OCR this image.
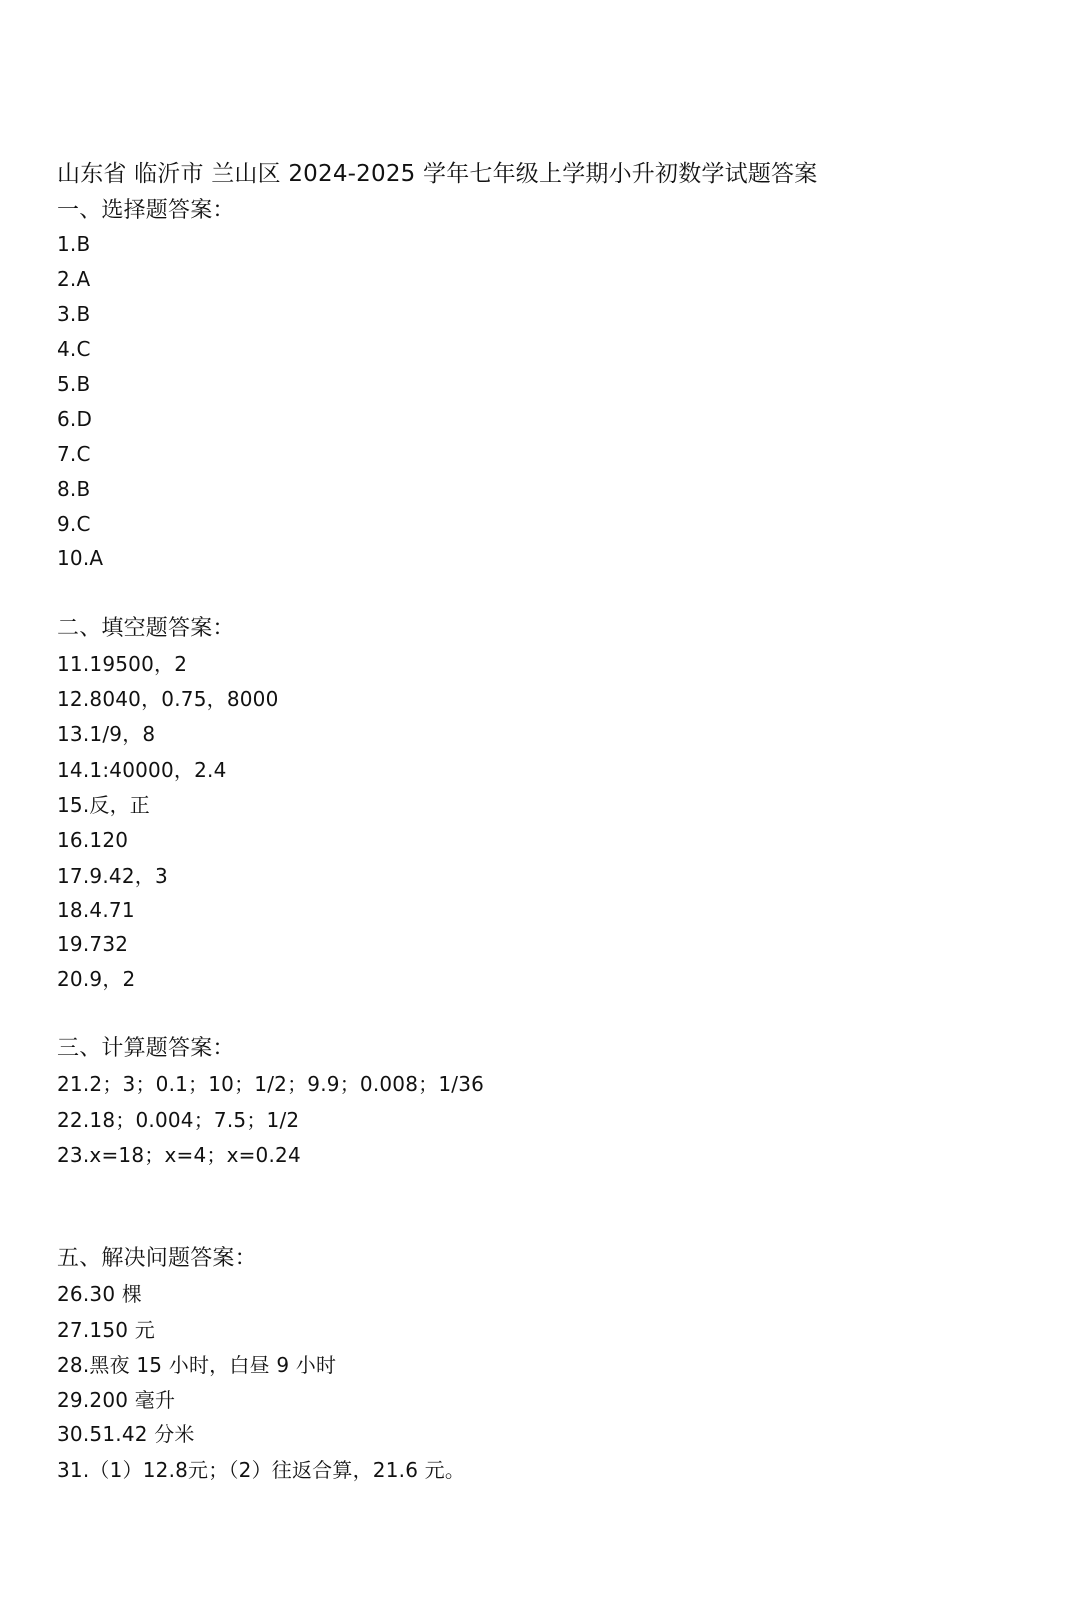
山东省 临沂市 兰山区 2024-2025 学年七年级上学期小升初数学试题答案
一、选择题答案：
1.B
2.A
3.B
4.C
5.B
6.D
7.C
8.B
9.C
10.A
二、填空题答案：
11.19500，2
12.8040，0.75，8000
13.1/9，8
14.1:40000，2.4
15.反，正
16.120
17.9.42，3
18.4.71
19.732
20.9，2
三、计算题答案：
21.2；3；0.1；10；1/2；9.9；0.008；1/36
22.18；0.004；7.5；1/2
23.x=18；x=4；x=0.24
五、解决问题答案：
26.30 棵
27.150 元
28.黑夜 15 小时，白昼 9 小时
29.200 毫升
30.51.42 分米
31.（1）12.8元；（2）往返合算，21.6 元。
